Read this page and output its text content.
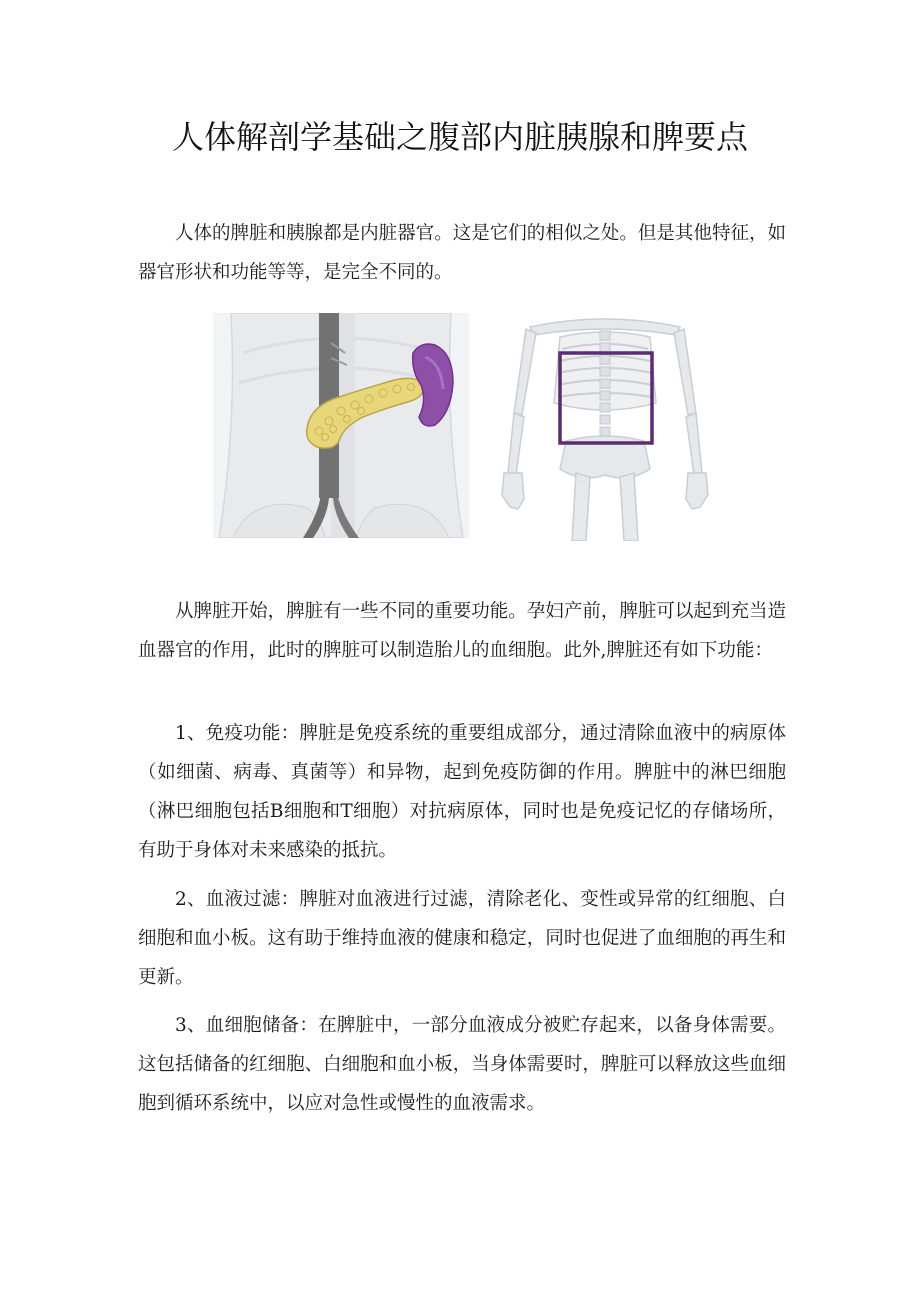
人体解剖学基础之腹部内脏胰腺和脾要点

人体的脾脏和胰腺都是内脏器官。这是它们的相似之处。但是其他特征，如器官形状和功能等等，是完全不同的。

从脾脏开始，脾脏有一些不同的重要功能。孕妇产前，脾脏可以起到充当造血器官的作用，此时的脾脏可以制造胎儿的血细胞。此外,脾脏还有如下功能：

1、免疫功能：脾脏是免疫系统的重要组成部分，通过清除血液中的病原体（如细菌、病毒、真菌等）和异物，起到免疫防御的作用。脾脏中的淋巴细胞（淋巴细胞包括B细胞和T细胞）对抗病原体，同时也是免疫记忆的存储场所，有助于身体对未来感染的抵抗。

2、血液过滤：脾脏对血液进行过滤，清除老化、变性或异常的红细胞、白细胞和血小板。这有助于维持血液的健康和稳定，同时也促进了血细胞的再生和更新。

3、血细胞储备：在脾脏中，一部分血液成分被贮存起来，以备身体需要。这包括储备的红细胞、白细胞和血小板，当身体需要时，脾脏可以释放这些血细胞到循环系统中，以应对急性或慢性的血液需求。
